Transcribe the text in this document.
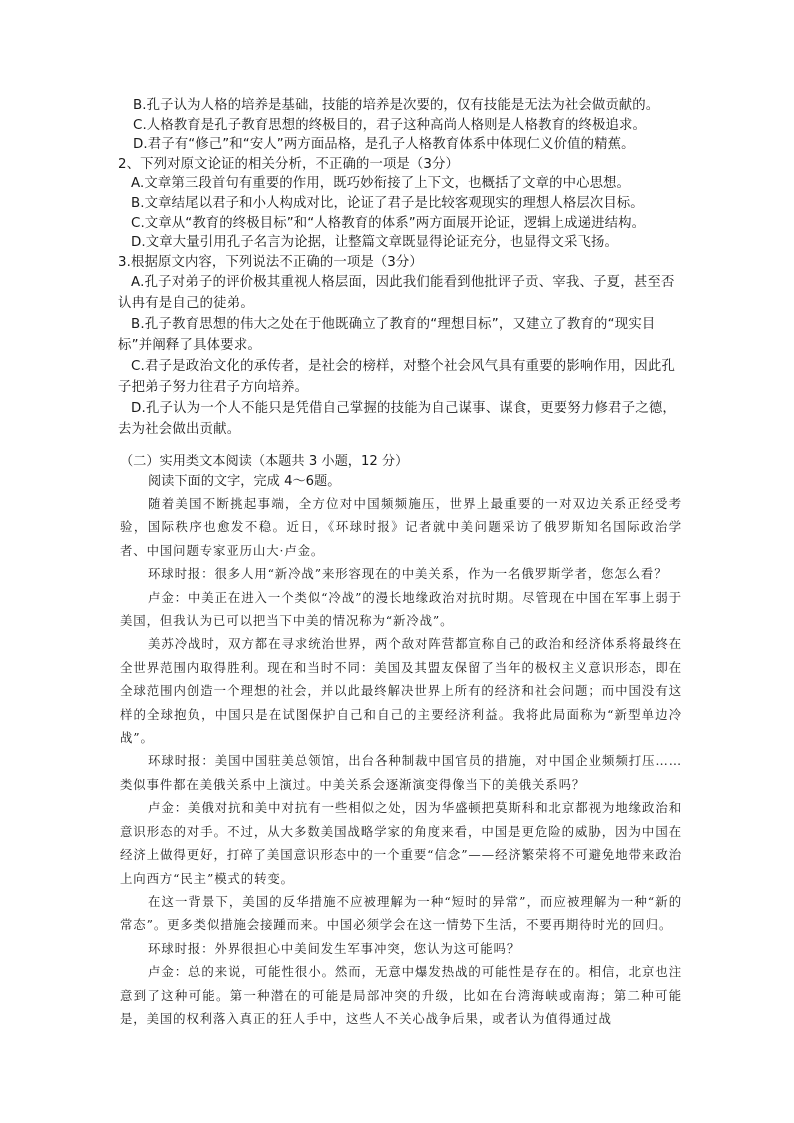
B.孔子认为人格的培养是基础，技能的培养是次要的，仅有技能是无法为社会做贡献的。
C.人格教育是孔子教育思想的终极目的，君子这种高尚人格则是人格教育的终极追求。
D.君子有“修己”和“安人”两方面品格，是孔子人格教育体系中体现仁义价值的精蕉。
2、下列对原文论证的相关分析，不正确的一项是（3分）
A.文章第三段首句有重要的作用，既巧妙衔接了上下文，也概括了文章的中心思想。
B.文章结尾以君子和小人构成对比，论证了君子是比较客观现实的理想人格层次目标。
C.文章从“教育的终极目标”和“人格教育的体系”两方面展开论证，逻辑上成递进结构。
D.文章大量引用孔子名言为论据，让整篇文章既显得论证充分，也显得文采飞扬。
3.根据原文内容，下列说法不正确的一项是（3分）
A.孔子对弟子的评价极其重视人格层面，因此我们能看到他批评子贡、宰我、子夏，甚至否认冉有是自己的徒弟。
B.孔子教育思想的伟大之处在于他既确立了教育的“理想目标”，又建立了教育的“现实目标”并阐释了具体要求。
C.君子是政治文化的承传者，是社会的榜样，对整个社会风气具有重要的影响作用，因此孔子把弟子努力往君子方向培养。
D.孔子认为一个人不能只是凭借自己掌握的技能为自己谋事、谋食，更要努力修君子之德，去为社会做出贡献。
（二）实用类文本阅读（本题共 3 小题，12 分）
阅读下面的文字，完成 4～6题。

随着美国不断挑起事端，全方位对中国频频施压，世界上最重要的一对双边关系正经受考验，国际秩序也愈发不稳。近日，《环球时报》记者就中美问题采访了俄罗斯知名国际政治学者、中国问题专家亚历山大·卢金。

环球时报：很多人用“新冷战”来形容现在的中美关系，作为一名俄罗斯学者，您怎么看？

卢金：中美正在进入一个类似“冷战”的漫长地缘政治对抗时期。尽管现在中国在军事上弱于美国，但我认为已可以把当下中美的情况称为“新冷战”。

美苏冷战时，双方都在寻求统治世界，两个敌对阵营都宣称自己的政治和经济体系将最终在全世界范围内取得胜利。现在和当时不同：美国及其盟友保留了当年的极权主义意识形态，即在全球范围内创造一个理想的社会，并以此最终解决世界上所有的经济和社会问题；而中国没有这样的全球抱负，中国只是在试图保护自己和自己的主要经济利益。我将此局面称为“新型单边冷战”。

环球时报：美国中国驻美总领馆，出台各种制裁中国官员的措施，对中国企业频频打压……类似事件都在美俄关系中上演过。中美关系会逐渐演变得像当下的美俄关系吗？

卢金：美俄对抗和美中对抗有一些相似之处，因为华盛顿把莫斯科和北京都视为地缘政治和意识形态的对手。不过，从大多数美国战略学家的角度来看，中国是更危险的威胁，因为中国在经济上做得更好，打碎了美国意识形态中的一个重要“信念”——经济繁荣将不可避免地带来政治上向西方“民主”模式的转变。

在这一背景下，美国的反华措施不应被理解为一种“短时的异常”，而应被理解为一种“新的常态”。更多类似措施会接踵而来。中国必须学会在这一情势下生活，不要再期待时光的回归。

环球时报：外界很担心中美间发生军事冲突，您认为这可能吗？

卢金：总的来说，可能性很小。然而，无意中爆发热战的可能性是存在的。相信，北京也注意到了这种可能。第一种潜在的可能是局部冲突的升级，比如在台湾海峡或南海；第二种可能是，美国的权利落入真正的狂人手中，这些人不关心战争后果，或者认为值得通过战
